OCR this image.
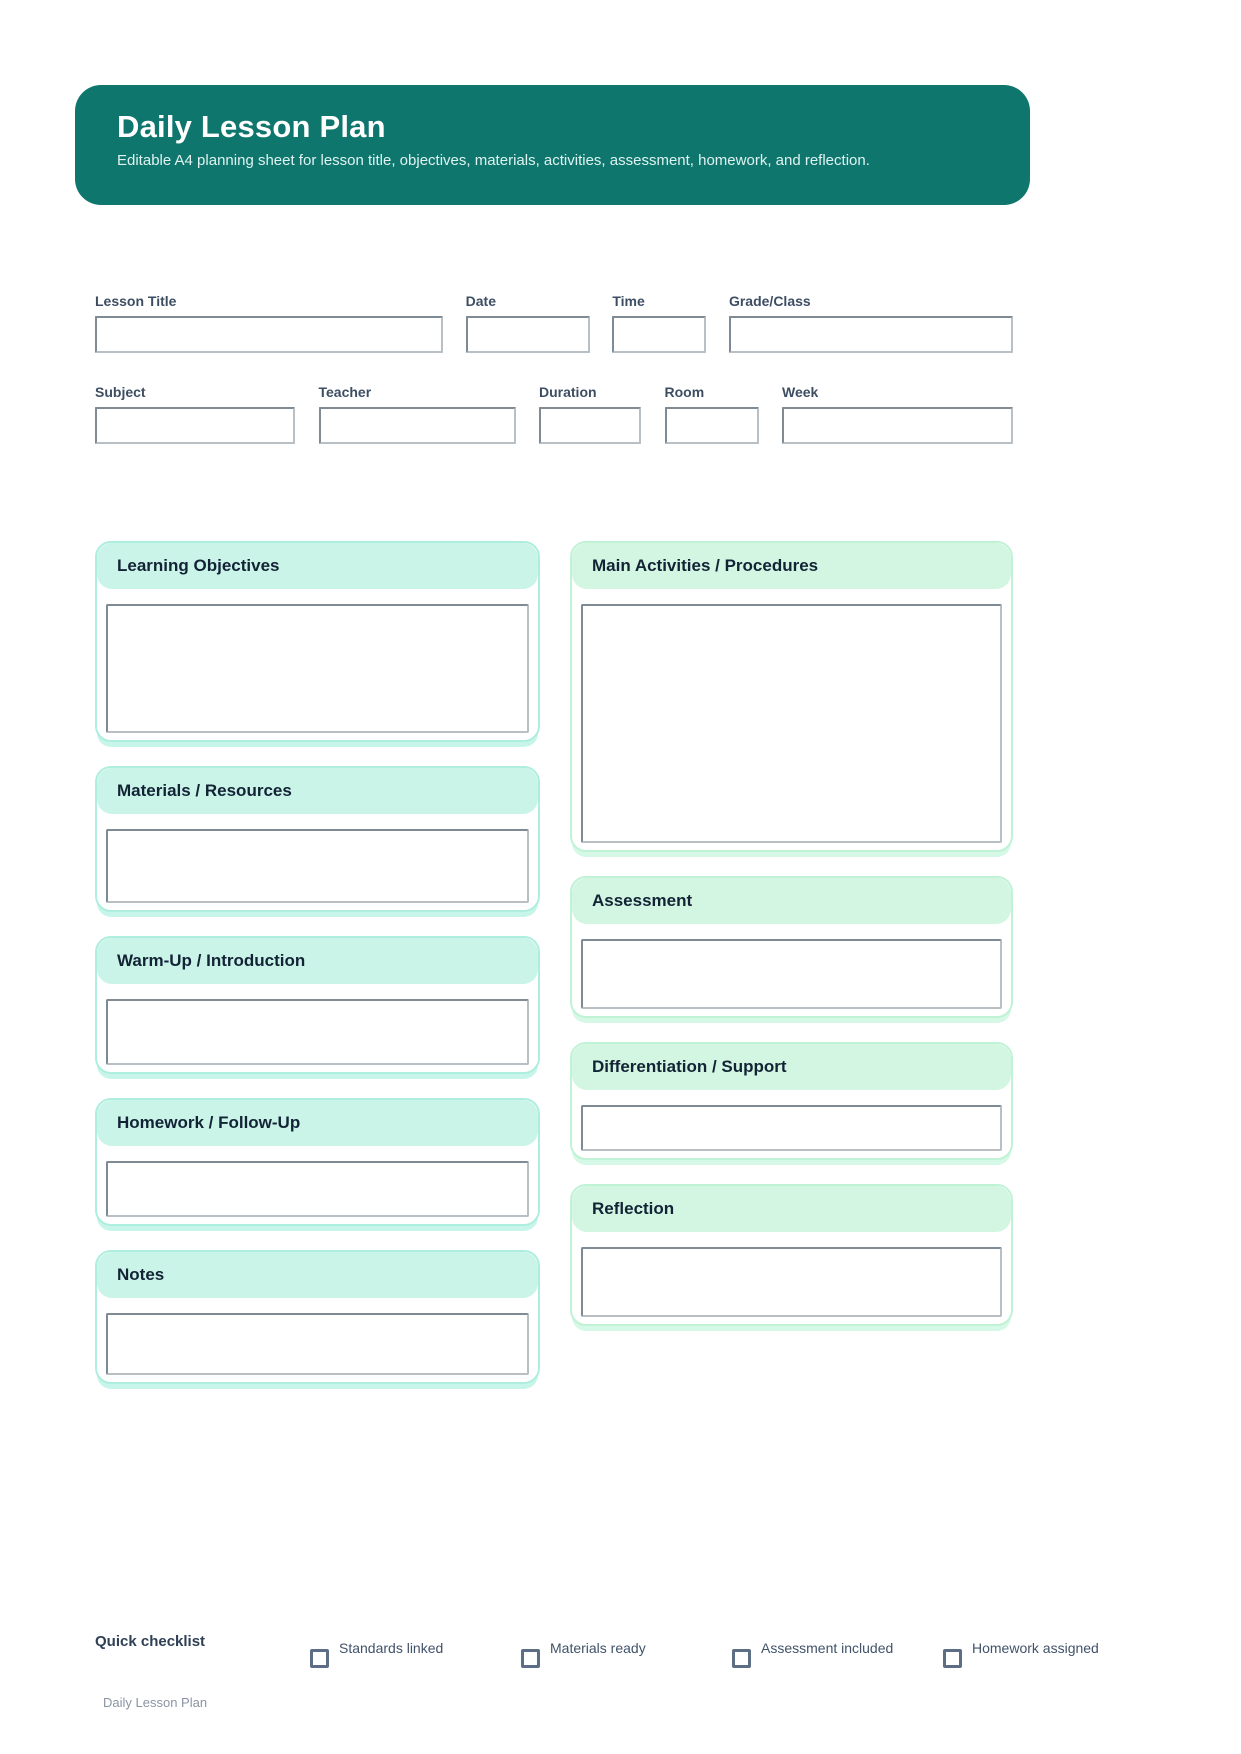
Daily Lesson Plan

Editable A4 planning sheet for lesson title, objectives, materials, activities, assessment, homework, and reflection.

Lesson Title	Date	Time	Grade/Class
Subject	Teacher	Duration	Room	Week
Learning Objectives
Materials / Resources
Warm-Up / Introduction
Homework / Follow-Up
Notes
Main Activities / Procedures
Assessment
Differentiation / Support
Reflection
Quick checklist	Standards linked	Materials ready	Assessment included	Homework assigned
Daily Lesson Plan
